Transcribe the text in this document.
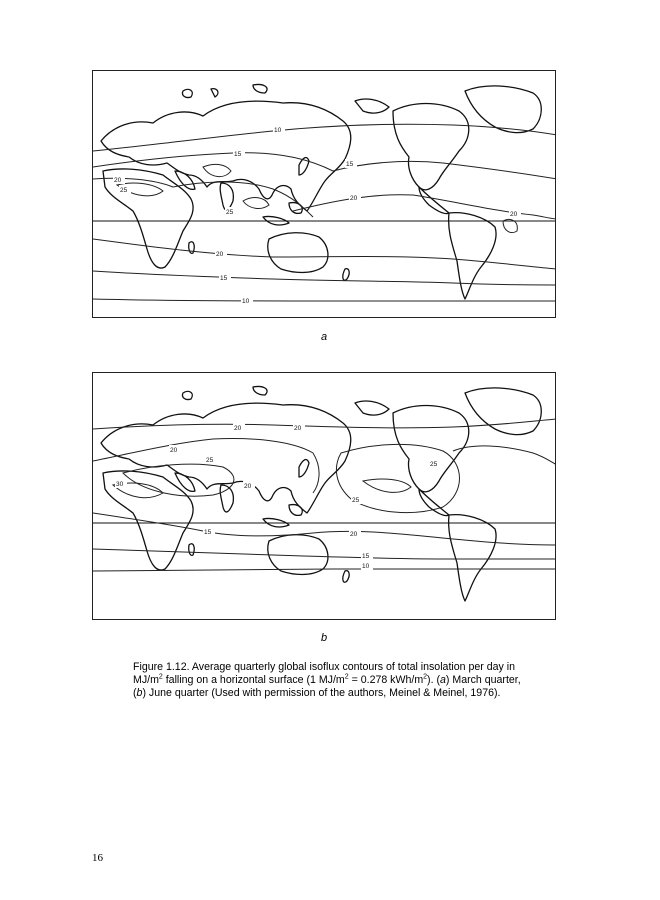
10
15
15
20
25
25
20
20
20
15
10
a
20	20
20
25
30	20
25
25
20
15
15
10
b
Figure 1.12. Average quarterly global isoflux contours of total insolation per day in $MJ/m^2$ falling on a horizontal surface (1 $MJ/m^2 = 0.278$ kWh/$m^2$). (a) March quarter, (b) June quarter (Used with permission of the authors, Meinel & Meinel, 1976).
16
